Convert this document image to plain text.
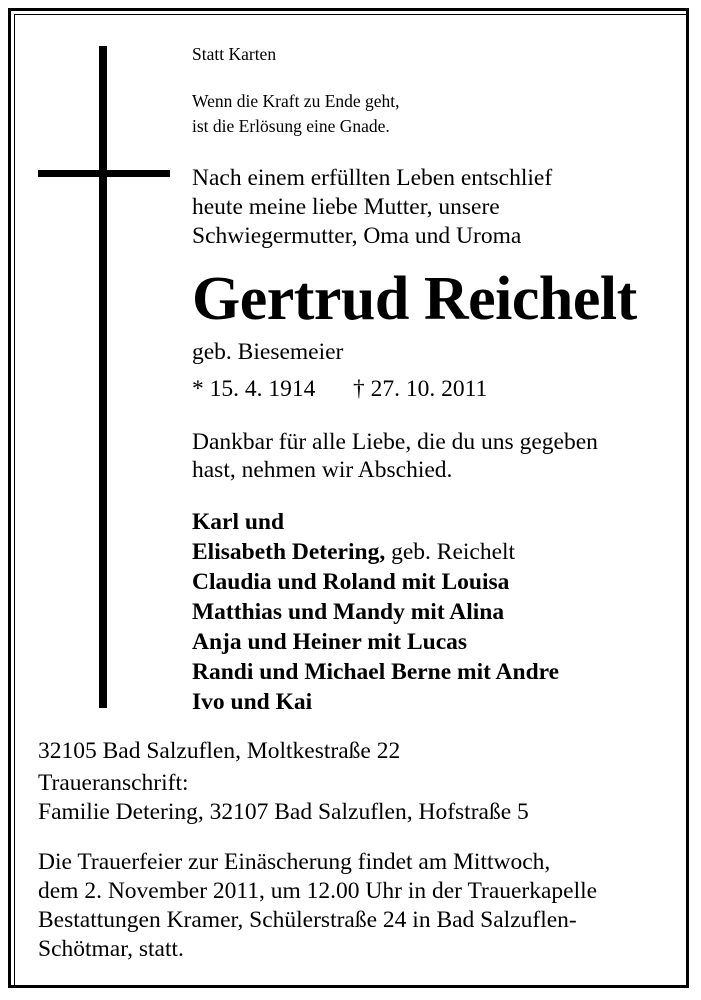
Statt Karten
Wenn die Kraft zu Ende geht,
ist die Erlösung eine Gnade.
Nach einem erfüllten Leben entschlief
heute meine liebe Mutter, unsere
Schwiegermutter, Oma und Uroma
Gertrud Reichelt
geb. Biesemeier
* 15. 4. 1914 † 27. 10. 2011
Dankbar für alle Liebe, die du uns gegeben
hast, nehmen wir Abschied.
Karl und
Elisabeth Detering, geb. Reichelt
Claudia und Roland mit Louisa
Matthias und Mandy mit Alina
Anja und Heiner mit Lucas
Randi und Michael Berne mit Andre
Ivo und Kai
32105 Bad Salzuflen, Moltkestraße 22
Traueranschrift:
Familie Detering, 32107 Bad Salzuflen, Hofstraße 5
Die Trauerfeier zur Einäscherung findet am Mittwoch,
dem 2. November 2011, um 12.00 Uhr in der Trauerkapelle
Bestattungen Kramer, Schülerstraße 24 in Bad Salzuflen-
Schötmar, statt.
